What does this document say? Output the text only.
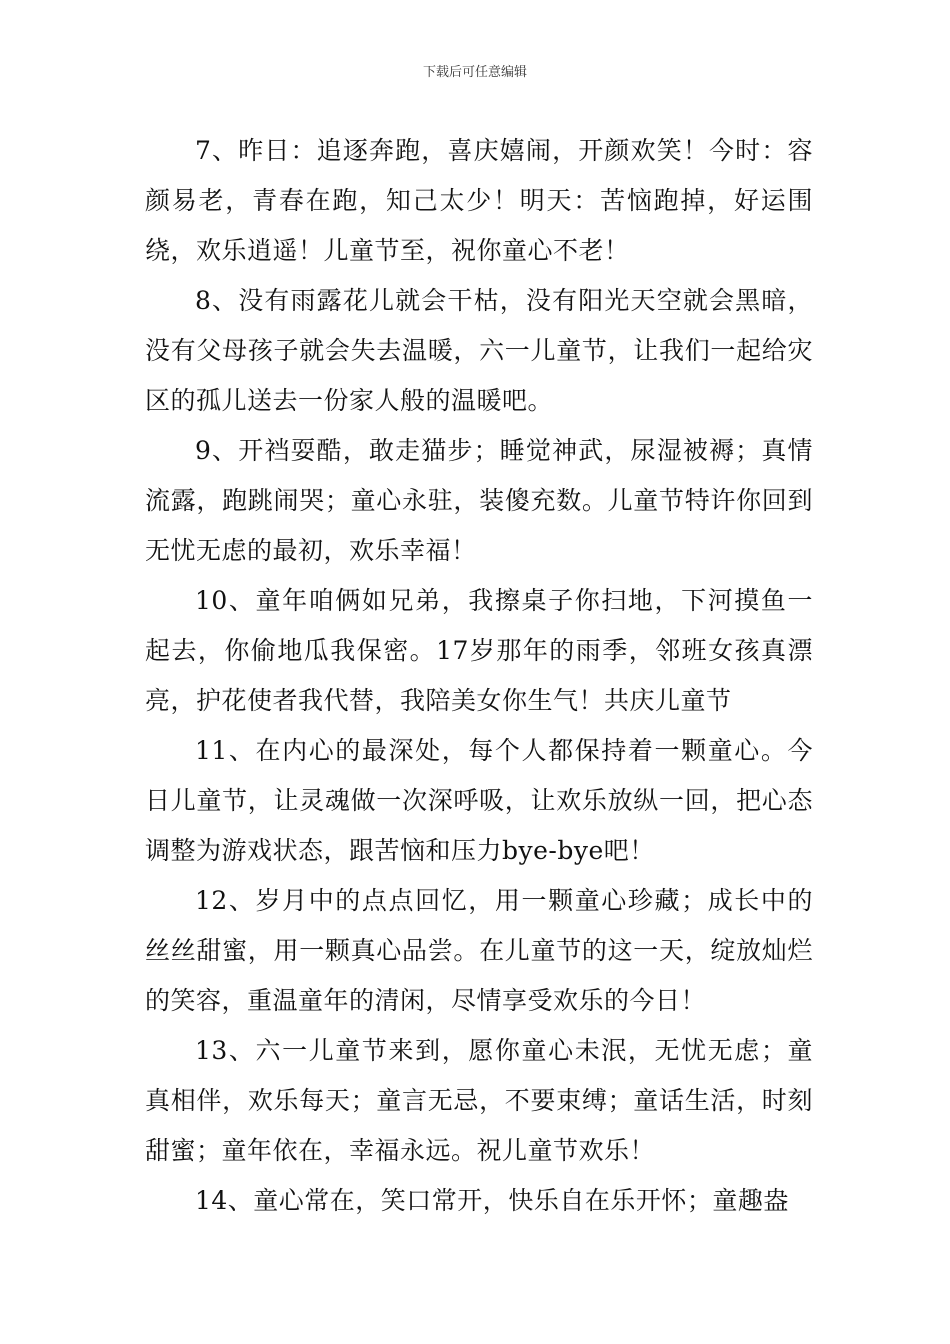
下载后可任意编辑

7、昨日：追逐奔跑，喜庆嬉闹，开颜欢笑！今时：容颜易老，青春在跑，知己太少！明天：苦恼跑掉，好运围绕，欢乐逍遥！儿童节至，祝你童心不老！

8、没有雨露花儿就会干枯，没有阳光天空就会黑暗，没有父母孩子就会失去温暖，六一儿童节，让我们一起给灾区的孤儿送去一份家人般的温暖吧。

9、开裆耍酷，敢走猫步；睡觉神武，尿湿被褥；真情流露，跑跳闹哭；童心永驻，装傻充数。儿童节特许你回到无忧无虑的最初，欢乐幸福！

10、童年咱俩如兄弟，我擦桌子你扫地，下河摸鱼一起去，你偷地瓜我保密。17岁那年的雨季，邻班女孩真漂亮，护花使者我代替，我陪美女你生气！共庆儿童节

11、在内心的最深处，每个人都保持着一颗童心。今日儿童节，让灵魂做一次深呼吸，让欢乐放纵一回，把心态调整为游戏状态，跟苦恼和压力bye-bye吧！

12、岁月中的点点回忆，用一颗童心珍藏；成长中的丝丝甜蜜，用一颗真心品尝。在儿童节的这一天，绽放灿烂的笑容，重温童年的清闲，尽情享受欢乐的今日！

13、六一儿童节来到，愿你童心未泯，无忧无虑；童真相伴，欢乐每天；童言无忌，不要束缚；童话生活，时刻甜蜜；童年依在，幸福永远。祝儿童节欢乐！

14、童心常在，笑口常开，快乐自在乐开怀；童趣盎
